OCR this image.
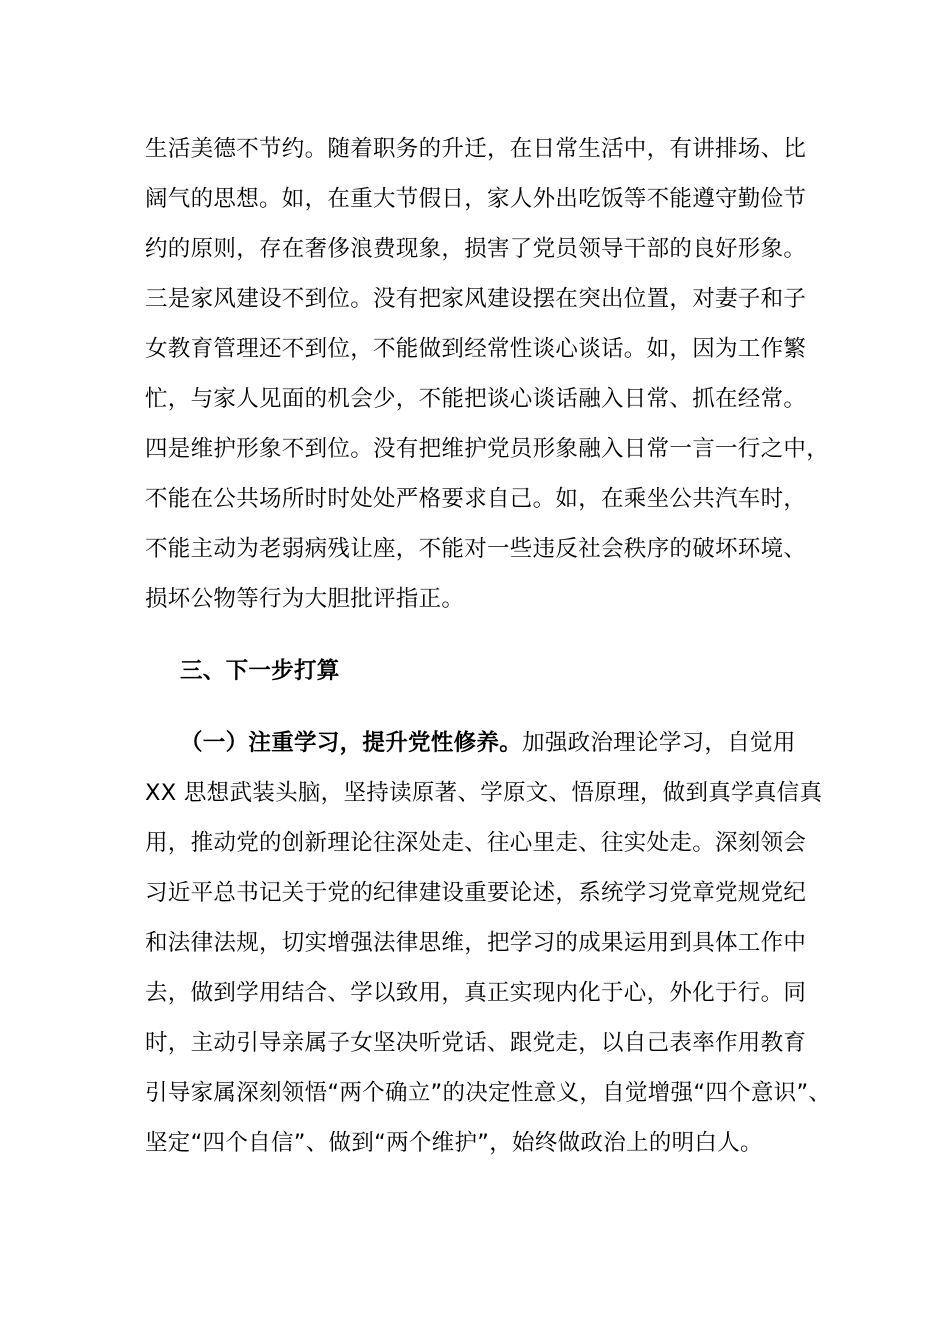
生活美德不节约。随着职务的升迁，在日常生活中，有讲排场、比
阔气的思想。如，在重大节假日，家人外出吃饭等不能遵守勤俭节
约的原则，存在奢侈浪费现象，损害了党员领导干部的良好形象。
三是家风建设不到位。没有把家风建设摆在突出位置，对妻子和子
女教育管理还不到位，不能做到经常性谈心谈话。如，因为工作繁
忙，与家人见面的机会少，不能把谈心谈话融入日常、抓在经常。
四是维护形象不到位。没有把维护党员形象融入日常一言一行之中，
不能在公共场所时时处处严格要求自己。如，在乘坐公共汽车时，
不能主动为老弱病残让座，不能对一些违反社会秩序的破坏环境、
损坏公物等行为大胆批评指正。
三、下一步打算
（一）注重学习，提升党性修养。加强政治理论学习，自觉用
XX 思想武装头脑，坚持读原著、学原文、悟原理，做到真学真信真
用，推动党的创新理论往深处走、往心里走、往实处走。深刻领会
习近平总书记关于党的纪律建设重要论述，系统学习党章党规党纪
和法律法规，切实增强法律思维，把学习的成果运用到具体工作中
去，做到学用结合、学以致用，真正实现内化于心，外化于行。同
时，主动引导亲属子女坚决听党话、跟党走，以自己表率作用教育
引导家属深刻领悟“两个确立”的决定性意义，自觉增强“四个意识”、
坚定“四个自信”、做到“两个维护”，始终做政治上的明白人。
